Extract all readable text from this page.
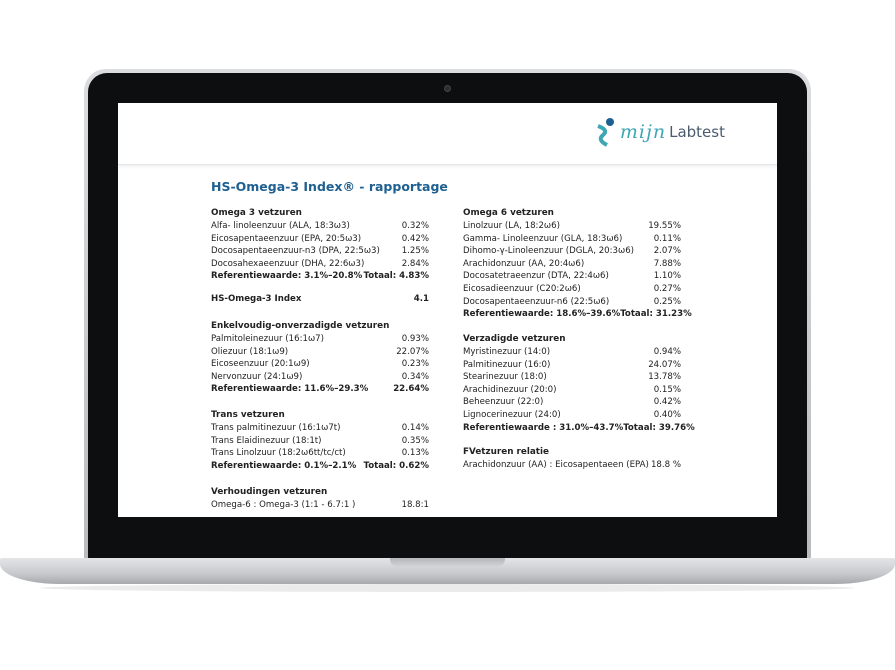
mijn Labtest
HS-Omega-3 Index® - rapportage
Omega 3 vetzuren
Alfa- linoleenzuur (ALA, 18:3ω3)	0.32%
Eicosapentaeenzuur (EPA, 20:5ω3)	0.42%
Docosapentaeenzuur-n3 (DPA, 22:5ω3)	1.25%
Docosahexaeenzuur (DHA, 22:6ω3)	2.84%
Referentiewaarde: 3.1%–20.8% Totaal: 4.83%
HS-Omega-3 Index	4.1
Enkelvoudig-onverzadigde vetzuren
Palmitoleinezuur (16:1ω7)	0.93%
Oliezuur (18:1ω9)	22.07%
Eicoseenzuur (20:1ω9)	0.23%
Nervonzuur (24:1ω9)	0.34%
Referentiewaarde: 11.6%–29.3%	22.64%
Trans vetzuren
Trans palmitinezuur (16:1ω7t)	0.14%
Trans Elaidinezuur (18:1t)	0.35%
Trans Linolzuur (18:2ω6tt/tc/ct)	0.13%
Referentiewaarde: 0.1%–2.1% Totaal: 0.62%
Verhoudingen vetzuren
Omega-6 : Omega-3 (1:1 - 6.7:1 )	18.8:1
Omega 6 vetzuren
Linolzuur (LA, 18:2ω6)	19.55%
Gamma- Linoleenzuur (GLA, 18:3ω6)	0.11%
Dihomo-γ-Linoleenzuur (DGLA, 20:3ω6) 2.07%
Arachidonzuur (AA, 20:4ω6)	7.88%
Docosatetraeenzur (DTA, 22:4ω6)	1.10%
Eicosadieenzuur (C20:2ω6)	0.27%
Docosapentaeenzuur-n6 (22:5ω6)	0.25%
Referentiewaarde: 18.6%–39.6% Totaal: 31.23%
Verzadigde vetzuren
Myristinezuur (14:0)	0.94%
Palmitinezuur (16:0)	24.07%
Stearinezuur (18:0)	13.78%
Arachidinezuur (20:0)	0.15%
Beheenzuur (22:0)	0.42%
Lignocerinezuur (24:0)	0.40%
Referentiewaarde : 31.0%–43.7% Totaal: 39.76%
FVetzuren relatie
Arachidonzuur (AA) : Eicosapentaeen (EPA) 18.8 %
